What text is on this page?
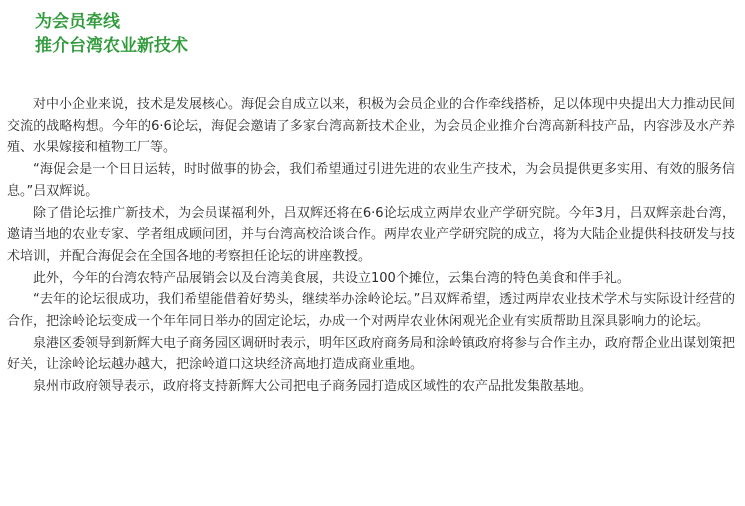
为会员牵线
推介台湾农业新技术

对中小企业来说，技术是发展核心。海促会自成立以来，积极为会员企业的合作牵线搭桥，足以体现中央提出大力推动民间交流的战略构想。今年的6·6论坛，海促会邀请了多家台湾高新技术企业，为会员企业推介台湾高新科技产品，内容涉及水产养殖、水果嫁接和植物工厂等。

“海促会是一个日日运转，时时做事的协会，我们希望通过引进先进的农业生产技术，为会员提供更多实用、有效的服务信息。”吕双辉说。

除了借论坛推广新技术，为会员谋福利外，吕双辉还将在6·6论坛成立两岸农业产学研究院。今年3月，吕双辉亲赴台湾，邀请当地的农业专家、学者组成顾问团，并与台湾高校洽谈合作。两岸农业产学研究院的成立，将为大陆企业提供科技研发与技术培训，并配合海促会在全国各地的考察担任论坛的讲座教授。

此外，今年的台湾农特产品展销会以及台湾美食展，共设立100个摊位，云集台湾的特色美食和伴手礼。

“去年的论坛很成功，我们希望能借着好势头，继续举办涂岭论坛。”吕双辉希望，透过两岸农业技术学术与实际设计经营的合作，把涂岭论坛变成一个年年同日举办的固定论坛，办成一个对两岸农业休闲观光企业有实质帮助且深具影响力的论坛。

泉港区委领导到新辉大电子商务园区调研时表示，明年区政府商务局和涂岭镇政府将参与合作主办，政府帮企业出谋划策把好关，让涂岭论坛越办越大，把涂岭道口这块经济高地打造成商业重地。

泉州市政府领导表示，政府将支持新辉大公司把电子商务园打造成区域性的农产品批发集散基地。
